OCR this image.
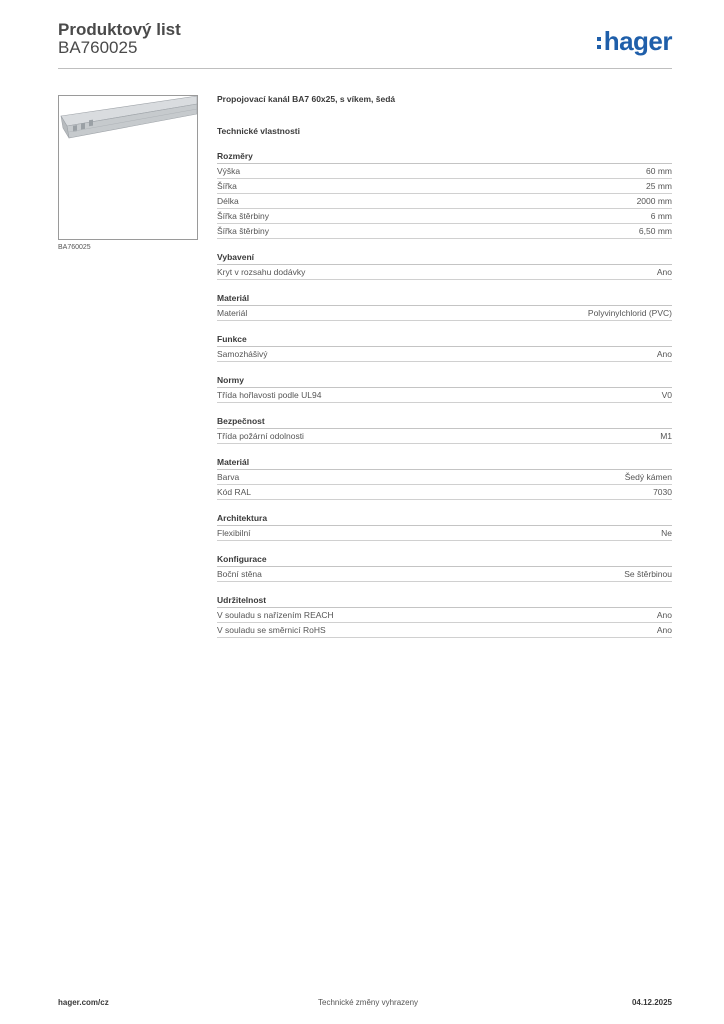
Produktový list
BA760025	hager
BA760025
Propojovací kanál BA7 60x25, s víkem, šedá
Technické vlastnosti
Rozměry
Výška	60 mm
Šířka	25 mm
Délka	2000 mm
Šířka štěrbiny	6 mm
Šířka štěrbiny	6,50 mm
Vybavení
Kryt v rozsahu dodávky	Ano
Materiál
Materiál	Polyvinylchlorid (PVC)
Funkce
Samozhášivý	Ano
Normy
Třída hořlavosti podle UL94	V0
Bezpečnost
Třída požární odolnosti	M1
Materiál
Barva	Šedý kámen
Kód RAL	7030
Architektura
Flexibilní	Ne
Konfigurace
Boční stěna	Se štěrbinou
Udržitelnost
V souladu s nařízením REACH	Ano
V souladu se směrnicí RoHS	Ano
hager.com/cz	Technické změny vyhrazeny	04.12.2025
